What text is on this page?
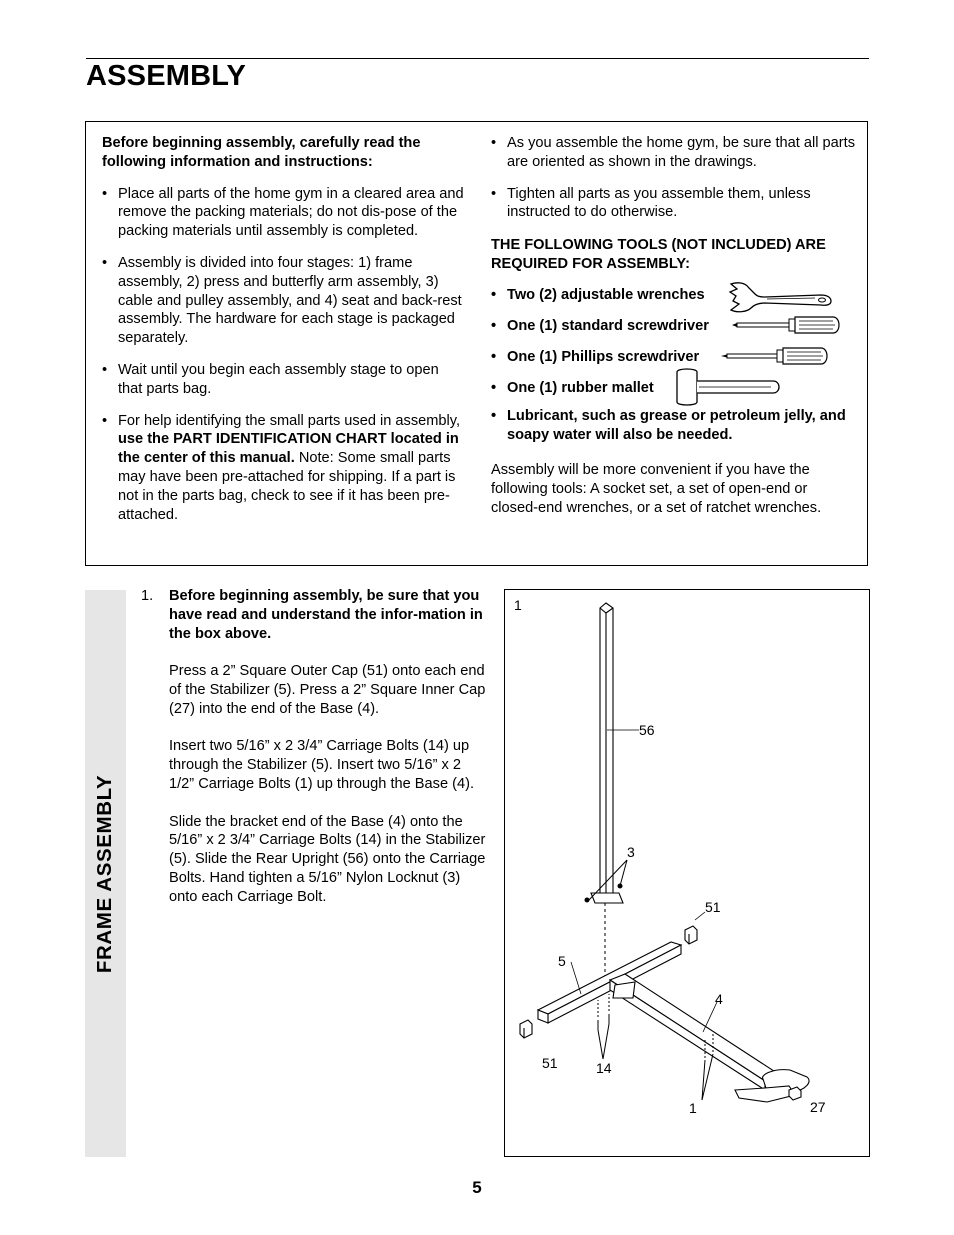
ASSEMBLY

Before beginning assembly, carefully read the following information and instructions:

• Place all parts of the home gym in a cleared area and remove the packing materials; do not dis-pose of the packing materials until assembly is completed.
• Assembly is divided into four stages: 1) frame assembly, 2) press and butterfly arm assembly, 3) cable and pulley assembly, and 4) seat and back-rest assembly. The hardware for each stage is packaged separately.
• Wait until you begin each assembly stage to open that parts bag.
• For help identifying the small parts used in assembly, use the PART IDENTIFICATION CHART located in the center of this manual. Note: Some small parts may have been pre-attached for shipping. If a part is not in the parts bag, check to see if it has been pre-attached.
• As you assemble the home gym, be sure that all parts are oriented as shown in the drawings.
• Tighten all parts as you assemble them, unless instructed to do otherwise.

THE FOLLOWING TOOLS (NOT INCLUDED) ARE REQUIRED FOR ASSEMBLY:

• Two (2) adjustable wrenches
• One (1) standard screwdriver
• One (1) Phillips screwdriver
• One (1) rubber mallet
• Lubricant, such as grease or petroleum jelly, and soapy water will also be needed.

Assembly will be more convenient if you have the following tools: A socket set, a set of open-end or closed-end wrenches, or a set of ratchet wrenches.

FRAME ASSEMBLY
1. Before beginning assembly, be sure that you have read and understand the infor-mation in the box above.

Press a 2” Square Outer Cap (51) onto each end of the Stabilizer (5). Press a 2” Square Inner Cap (27) into the end of the Base (4).

Insert two 5/16” x 2 3/4” Carriage Bolts (14) up through the Stabilizer (5). Insert two 5/16” x 2 1/2” Carriage Bolts (1) up through the Base (4).

Slide the bracket end of the Base (4) onto the 5/16” x 2 3/4” Carriage Bolts (14) in the Stabilizer (5). Slide the Rear Upright (56) onto the Carriage Bolts. Hand tighten a 5/16” Nylon Locknut (3) onto each Carriage Bolt.

1
56
3
51
5
27
4
51	14
1
5
